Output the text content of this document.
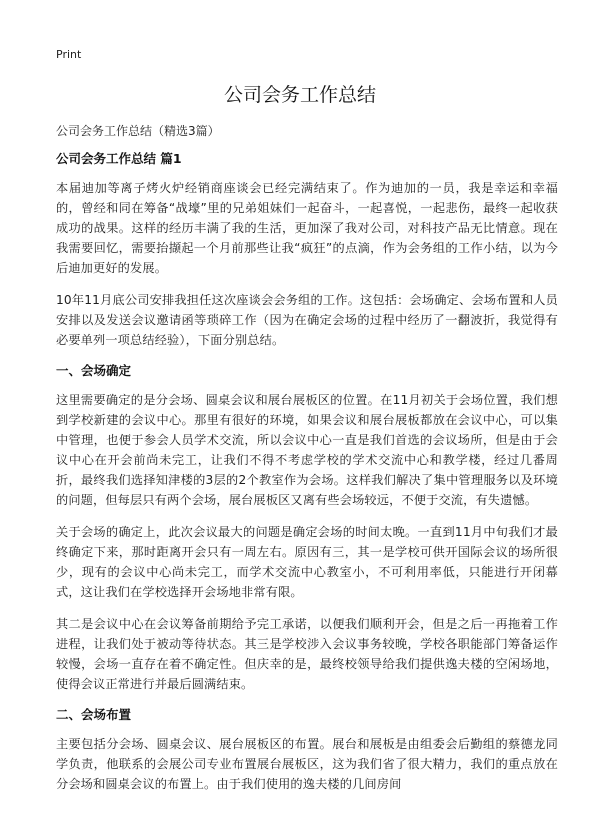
Print
公司会务工作总结
公司会务工作总结（精选3篇）
公司会务工作总结 篇1

本届迪加等离子烤火炉经销商座谈会已经完满结束了。作为迪加的一员，我是幸运和幸福的，曾经和同在筹备“战壕”里的兄弟姐妹们一起奋斗，一起喜悦，一起悲伤，最终一起收获成功的战果。这样的经历丰满了我的生活，更加深了我对公司，对科技产品无比情意。现在我需要回忆，需要抬撷起一个月前那些让我“疯狂”的点滴，作为会务组的工作小结，以为今后迪加更好的发展。

10年11月底公司安排我担任这次座谈会会务组的工作。这包括：会场确定、会场布置和人员安排以及发送会议邀请函等琐碎工作（因为在确定会场的过程中经历了一翻波折，我觉得有必要单列一项总结经验），下面分别总结。

一、会场确定

这里需要确定的是分会场、圆桌会议和展台展板区的位置。在11月初关于会场位置，我们想到学校新建的会议中心。那里有很好的环境，如果会议和展台展板都放在会议中心，可以集中管理，也便于参会人员学术交流，所以会议中心一直是我们首选的会议场所，但是由于会议中心在开会前尚未完工，让我们不得不考虑学校的学术交流中心和教学楼，经过几番周折，最终我们选择知津楼的3层的2个教室作为会场。这样我们解决了集中管理服务以及环境的问题，但每层只有两个会场，展台展板区又离有些会场较远，不便于交流，有失遗憾。

关于会场的确定上，此次会议最大的问题是确定会场的时间太晚。一直到11月中旬我们才最终确定下来，那时距离开会只有一周左右。原因有三，其一是学校可供开国际会议的场所很少，现有的会议中心尚未完工，而学术交流中心教室小，不可利用率低，只能进行开闭幕式，这让我们在学校选择开会场地非常有限。

其二是会议中心在会议筹备前期给予完工承诺，以便我们顺利开会，但是之后一再拖着工作进程，让我们处于被动等待状态。其三是学校涉入会议事务较晚，学校各职能部门筹备运作较慢，会场一直存在着不确定性。但庆幸的是，最终校领导给我们提供逸夫楼的空闲场地，使得会议正常进行并最后圆满结束。

二、会场布置

主要包括分会场、圆桌会议、展台展板区的布置。展台和展板是由组委会后勤组的蔡德龙同学负责，他联系的会展公司专业布置展台展板区，这为我们省了很大精力，我们的重点放在分会场和圆桌会议的布置上。由于我们使用的逸夫楼的几间房间
